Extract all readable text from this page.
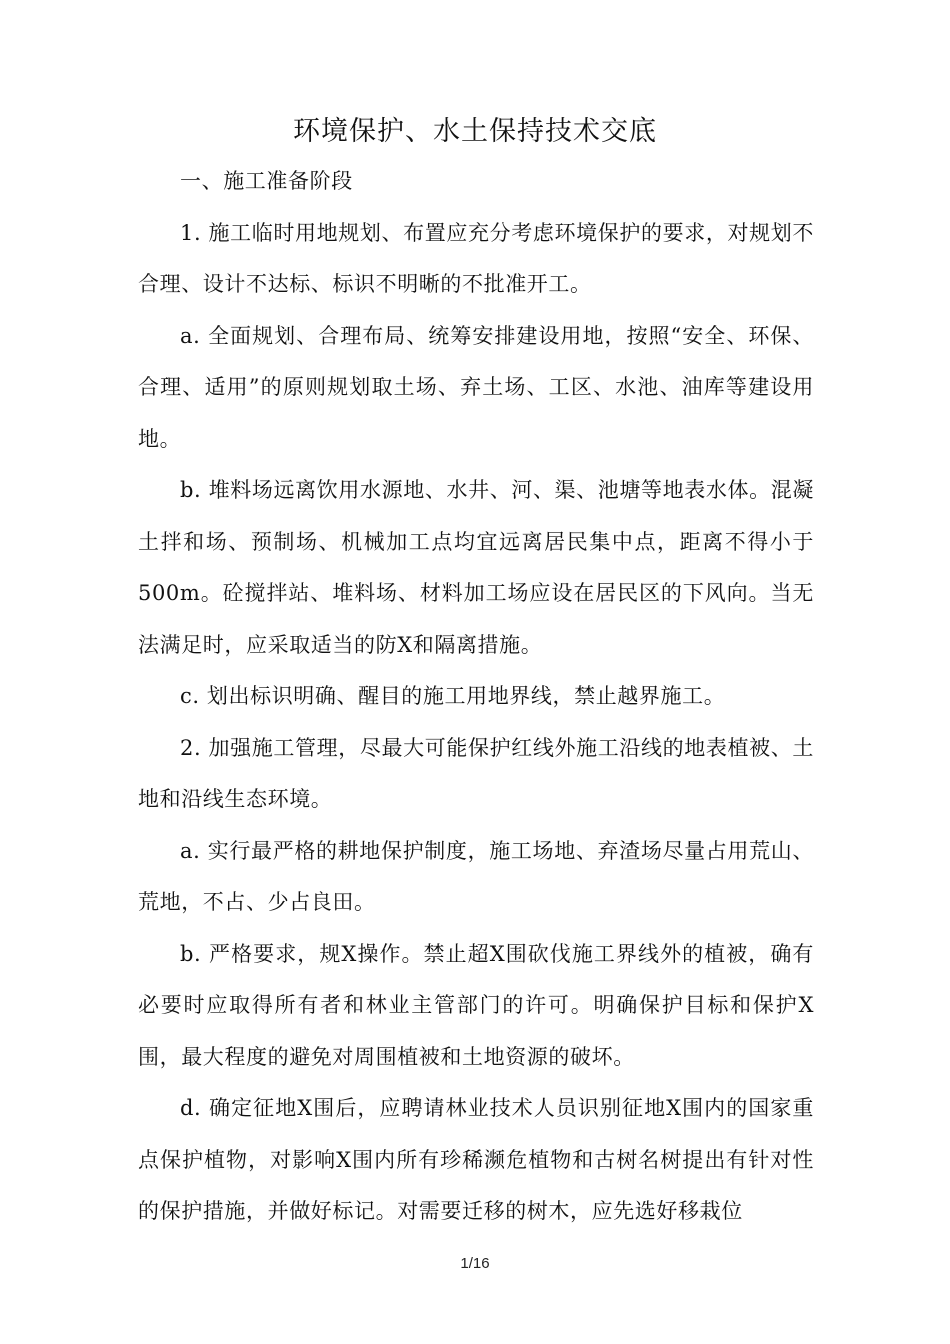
环境保护、水土保持技术交底

一、施工准备阶段

1. 施工临时用地规划、布置应充分考虑环境保护的要求，对规划不合理、设计不达标、标识不明晰的不批准开工。

a. 全面规划、合理布局、统筹安排建设用地，按照“安全、环保、合理、适用”的原则规划取土场、弃土场、工区、水池、油库等建设用地。

b. 堆料场远离饮用水源地、水井、河、渠、池塘等地表水体。混凝土拌和场、预制场、机械加工点均宜远离居民集中点，距离不得小于500m。砼搅拌站、堆料场、材料加工场应设在居民区的下风向。当无法满足时，应采取适当的防X和隔离措施。

c. 划出标识明确、醒目的施工用地界线，禁止越界施工。

2. 加强施工管理，尽最大可能保护红线外施工沿线的地表植被、土地和沿线生态环境。

a. 实行最严格的耕地保护制度，施工场地、弃渣场尽量占用荒山、荒地，不占、少占良田。

b. 严格要求，规X操作。禁止超X围砍伐施工界线外的植被，确有必要时应取得所有者和林业主管部门的许可。明确保护目标和保护X围，最大程度的避免对周围植被和土地资源的破坏。

d. 确定征地X围后，应聘请林业技术人员识别征地X围内的国家重点保护植物，对影响X围内所有珍稀濒危植物和古树名树提出有针对性的保护措施，并做好标记。对需要迁移的树木，应先选好移栽位

1/16
